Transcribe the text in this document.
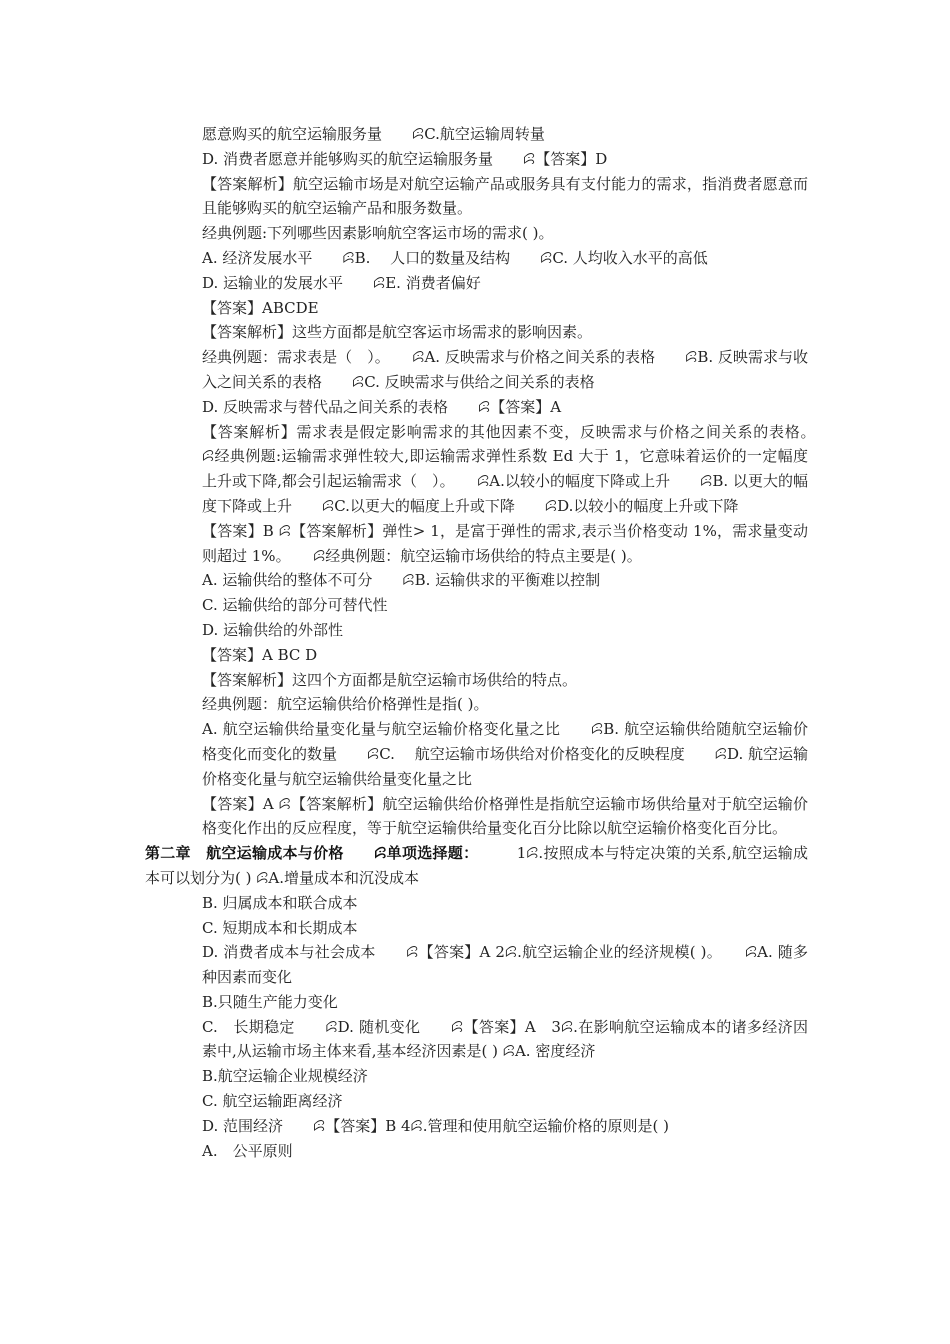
愿意购买的航空运输服务量　　ꕸC.航空运输周转量

D. 消费者愿意并能够购买的航空运输服务量　　ꕸ【答案】D

【答案解析】航空运输市场是对航空运输产品或服务具有支付能力的需求，指消费者愿意而且能够购买的航空运输产品和服务数量。

经典例题:下列哪些因素影响航空客运市场的需求( )。

A. 经济发展水平　　ꕸB.　 人口的数量及结构　　ꕸC. 人均收入水平的高低

D. 运输业的发展水平　　ꕸE. 消费者偏好

【答案】ABCDE

【答案解析】这些方面都是航空客运市场需求的影响因素。

经典例题：需求表是（　）。　　ꕸA. 反映需求与价格之间关系的表格　　ꕸB. 反映需求与收入之间关系的表格　　ꕸC. 反映需求与供给之间关系的表格

D. 反映需求与替代品之间关系的表格　　ꕸ【答案】A

【答案解析】需求表是假定影响需求的其他因素不变，反映需求与价格之间关系的表格。　　ꕸ经典例题:运输需求弹性较大,即运输需求弹性系数 Ed 大于 1，它意味着运价的一定幅度上升或下降,都会引起运输需求（　）。　　ꕸA.以较小的幅度下降或上升　　ꕸB. 以更大的幅度下降或上升　　ꕸC.以更大的幅度上升或下降　　ꕸD.以较小的幅度上升或下降

【答案】B ꕸ【答案解析】弹性> 1，是富于弹性的需求,表示当价格变动 1%，需求量变动则超过 1%。　　ꕸ经典例题：航空运输市场供给的特点主要是( )。

A. 运输供给的整体不可分　　ꕸB. 运输供求的平衡难以控制

C. 运输供给的部分可替代性

D. 运输供给的外部性

【答案】A BC D

【答案解析】这四个方面都是航空运输市场供给的特点。

经典例题：航空运输供给价格弹性是指( )。

A. 航空运输供给量变化量与航空运输价格变化量之比　　ꕸB. 航空运输供给随航空运输价格变化而变化的数量　　ꕸC.　 航空运输市场供给对价格变化的反映程度　　ꕸD. 航空运输价格变化量与航空运输供给量变化量之比

【答案】A ꕸ【答案解析】航空运输供给价格弹性是指航空运输市场供给量对于航空运输价格变化作出的反应程度，等于航空运输供给量变化百分比除以航空运输价格变化百分比。

第二章　航空运输成本与价格　　ꕸ单项选择题：　　　1ꕸ.按照成本与特定决策的关系,航空运输成本可以划分为( ) ꕸA.增量成本和沉没成本

B. 归属成本和联合成本

C. 短期成本和长期成本

D. 消费者成本与社会成本　　ꕸ【答案】A 2ꕸ.航空运输企业的经济规模( )。　　ꕸA. 随多种因素而变化

B.只随生产能力变化

C.　长期稳定　　ꕸD. 随机变化　　ꕸ【答案】A　3ꕸ.在影响航空运输成本的诸多经济因素中,从运输市场主体来看,基本经济因素是( ) ꕸA. 密度经济

B.航空运输企业规模经济

C. 航空运输距离经济

D. 范围经济　　ꕸ【答案】B 4ꕸ.管理和使用航空运输价格的原则是( )

A.　公平原则
